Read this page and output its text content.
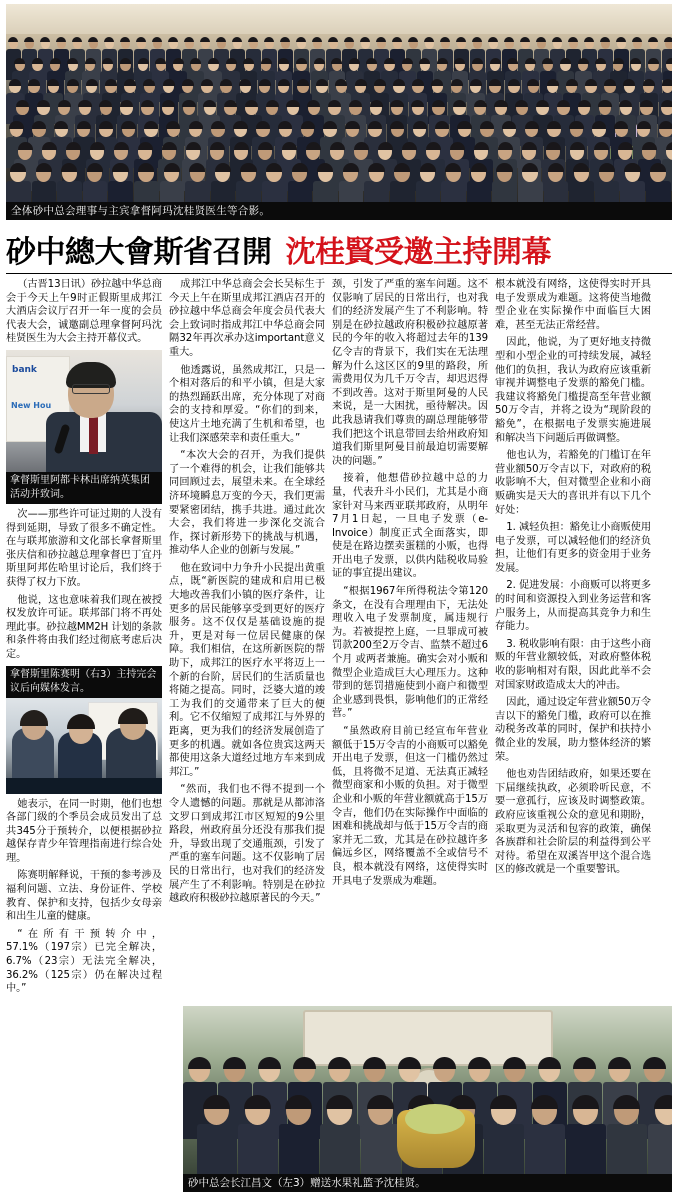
全体砂中总会理事与主宾拿督阿玛沈桂贤医生等合影。
砂中總大會斯省召開 沈桂賢受邀主持開幕

（古晋13日讯）砂拉越中华总商会于今天上午9时正假斯里成邦江大酒店会议厅召开一年一度的会员代表大会，诚邀副总理拿督阿玛沈桂贤医生为大会主持开幕仪式。

bank
New Hou
拿督斯里阿都卡林出席纳英集团活动并致词。

次——那些许可证过期的人没有得到延期，导致了很多不确定性。在与联邦旅游和文化部长拿督斯里张庆信和砂拉越总理拿督巴丁宜丹斯里阿邦佐哈里讨论后，我们终于获得了权力下放。

他说，这也意味着我们现在被授权发放许可证。联邦部门将不再处理此事。砂拉越MM2H 计划的条款和条件将由我们经过彻底考虑后决定。

拿督斯里陈赛明（右3）主持完会议后向媒体发言。

她表示，在同一时期，他们也想各部门级的个季员会成员发出了总共345分于预转介，以便根据砂拉越保存青少年管理指南进行综合处理。

陈赛明解释说，干预的参考涉及福利问题、立法、身份证件、学校教育、保护和支持，包括少女母亲和出生儿童的健康。

“在所有干预转介中，57.1%（197宗）已完全解决，6.7%（23宗）无法完全解决，36.2%（125宗）仍在解决过程中。”

成邦江中华总商会会长吴标生于今天上午在斯里成邦江酒店召开的砂拉越中华总商会年度会员代表大会上致词时指成邦江中华总商会同隔32年再次承办这important意义重大。

他透露说，虽然成邦江，只是一个相对落后的和平小镇，但是大家的热烈踊跃出席，充分体现了对商会的支持和厚爱。“你们的到来，使这片土地充满了生机和希望，也让我们深感荣幸和责任重大。”

“本次大会的召开，为我们提供了一个难得的机会，让我们能够共同回顾过去，展望未来。在全球经济环境瞬息万变的今天，我们更需要紧密团结，携手共进。通过此次大会，我们将进一步深化交流合作，探讨新形势下的挑战与机遇，推动华人企业的创新与发展。”

他在致词中力争升小民提出黄重点，既“新医院的建成和启用已极大地改善我们小镇的医疗条件，让更多的居民能够享受到更好的医疗服务。这不仅仅是基础设施的提升，更是对每一位居民健康的保障。我们相信，在这所新医院的帮助下，成邦江的医疗水平将迈上一个新的台阶，居民们的生活质量也将随之提高。同时，泛婆大道的竣工为我们的交通带来了巨大的便利。它不仅缩短了成邦江与外界的距离，更为我们的经济发展创造了更多的机遇。就如各位贵宾这两天都使用这条大道经过地方车来到成邦江。”

“然而，我们也不得不提到一个令人遗憾的问题。那就是从都沛洛文罗口到成邦江市区短短的9公里路段，州政府虽分还没有那我们提升，导致出现了交通瓶颈，引发了严重的塞车问题。这不仅影响了居民的日常出行，也对我们的经济发展产生了不利影响。特别是在砂拉越政府积极砂拉越原著民的今天。”

颈，引发了严重的塞车问题。这不仅影响了居民的日常出行，也对我们的经济发展产生了不利影响。特别是在砂拉越政府积极砂拉越原著民的今年的收入将超过去年的139亿令吉的背景下，我们实在无法理解为什么这区区的9里的路段，所需费用仅为几千万令吉，却迟迟得不到改善。这对于斯里阿曼的人民来说，是一大困扰，亟待解决。因此我恳请我们尊贵的副总理能够带我们把这个讯息带回去给州政府知道我们斯里阿曼目前最迫切需要解决的问题。”

接着，他想借砂拉越中总的力量，代表升斗小民们，尤其是小商家针对马来西亚联邦政府，从明年7月1日起，一旦电子发票（e-Invoice）制度正式全面落实，即使是在路边摆卖蛋糕的小贩，也得开出电子发票，以供内陆税收局验证的事宜提出建议。

“根据1967年所得税法令第120条文，在没有合理理由下，无法处理收入电子发票制度，属违规行为。若被提控上庭，一旦罪成可被罚款200至2万令吉、监禁不超过6个月 或两者兼施。确实会对小贩和微型企业造成巨大心理压力。这种带到的惩罚措施使到小商户和微型企业感到畏惧，影响他们的正常经营。”

“虽然政府目前已经宣布年营业额低于15万令吉的小商贩可以豁免开出电子发票，但这一门槛仍然过低，且将微不足道、无法真正减轻微型商家和小贩的负担。对于微型企业和小贩的年营业额就高于15万令吉，他们仍在实际操作中面临的困难和挑战却与低于15万令吉的商家并无二致，尤其是在砂拉越许多偏远乡区，网络覆盖不全或信号不良，根本就没有网络，这使得实时开具电子发票成为难题。

根本就没有网络，这使得实时开具电子发票成为难题。这将使当地微型企业在实际操作中面临巨大困难，甚至无法正常经营。

因此，他说，为了更好地支持微型和小型企业的可持续发展，减轻他们的负担，我认为政府应该重新审视并调整电子发票的豁免门槛。我建议将豁免门槛提高至年营业额50万令吉，并将之设为“现阶段的豁免”，在根据电子发票实施进展和解决当下问题后再做调整。

他也认为，若豁免的门槛订在年营业额50万令吉以下，对政府的税收影响不大，但对微型企业和小商贩确实是天大的喜讯并有以下几个好处：

1. 减轻负担：豁免让小商贩使用电子发票，可以减轻他们的经济负担，让他们有更多的资金用于业务发展。

2. 促进发展：小商贩可以将更多的时间和资源投入到业务运营和客户服务上，从而提高其竞争力和生存能力。

3. 税收影响有限：由于这些小商贩的年营业额较低，对政府整体税收的影响相对有限，因此此举不会对国家财政造成太大的冲击。

因此，通过设定年营业额50万令吉以下的豁免门槛，政府可以在推动税务改革的同时，保护和扶持小微企业的发展，助力整体经济的繁荣。

他也劝告团结政府，如果还要在下届继续执政，必须聆听民意，不要一意孤行，应该及时调整政策。政府应该重视公众的意见和期盼，采取更为灵活和包容的政策，确保各族群和社会阶层的利益得到公平对待。希望在双溪峇甲这个混合选区的修改就是一个重要警讯。

砂中总会长江昌文（左3）赠送水果礼篮予沈桂贤。
